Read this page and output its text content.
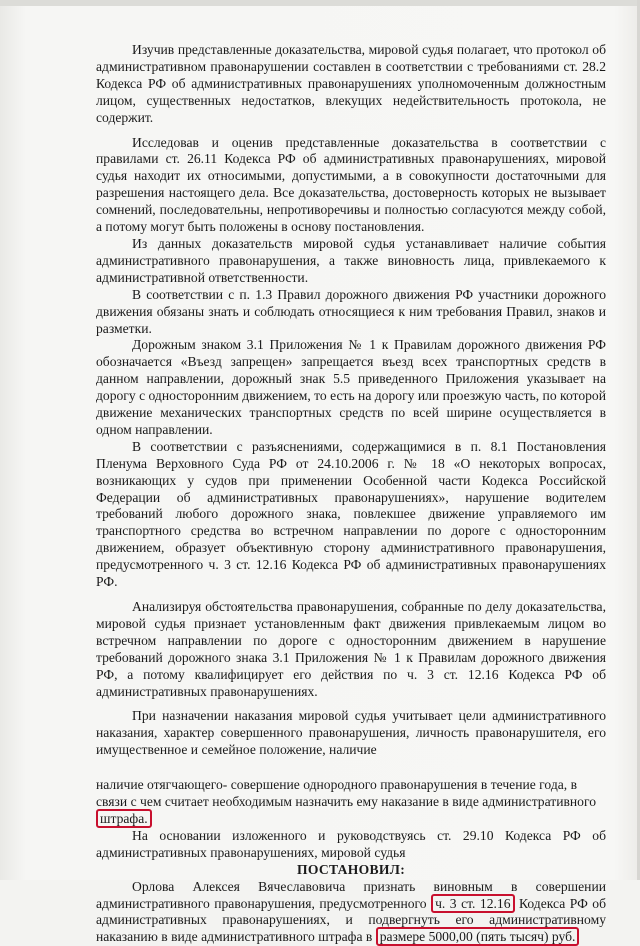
Изучив представленные доказательства, мировой судья полагает, что протокол об административном правонарушении составлен в соответствии с требованиями ст. 28.2 Кодекса РФ об административных правонарушениях уполномоченным должностным лицом, существенных недостатков, влекущих недействительность протокола, не содержит.

Исследовав и оценив представленные доказательства в соответствии с правилами ст. 26.11 Кодекса РФ об административных правонарушениях, мировой судья находит их относимыми, допустимыми, а в совокупности достаточными для разрешения настоящего дела. Все доказательства, достоверность которых не вызывает сомнений, последовательны, непротиворечивы и полностью согласуются между собой, а потому могут быть положены в основу постановления.

Из данных доказательств мировой судья устанавливает наличие события административного правонарушения, а также виновность лица, привлекаемого к административной ответственности.

В соответствии с п. 1.3 Правил дорожного движения РФ участники дорожного движения обязаны знать и соблюдать относящиеся к ним требования Правил, знаков и разметки.

Дорожным знаком 3.1 Приложения № 1 к Правилам дорожного движения РФ обозначается «Въезд запрещен» запрещается въезд всех транспортных средств в данном направлении, дорожный знак 5.5 приведенного Приложения указывает на дорогу с односторонним движением, то есть на дорогу или проезжую часть, по которой движение механических транспортных средств по всей ширине осуществляется в одном направлении.

В соответствии с разъяснениями, содержащимися в п. 8.1 Постановления Пленума Верховного Суда РФ от 24.10.2006 г. № 18 «О некоторых вопросах, возникающих у судов при применении Особенной части Кодекса Российской Федерации об административных правонарушениях», нарушение водителем требований любого дорожного знака, повлекшее движение управляемого им транспортного средства во встречном направлении по дороге с односторонним движением, образует объективную сторону административного правонарушения, предусмотренного ч. 3 ст. 12.16 Кодекса РФ об административных правонарушениях РФ.

Анализируя обстоятельства правонарушения, собранные по делу доказательства, мировой судья признает установленным факт движения привлекаемым лицом во встречном направлении по дороге с односторонним движением в нарушение требований дорожного знака 3.1 Приложения № 1 к Правилам дорожного движения РФ, а потому квалифицирует его действия по ч. 3 ст. 12.16 Кодекса РФ об административных правонарушениях.

При назначении наказания мировой судья учитывает цели административного наказания, характер совершенного правонарушения, личность правонарушителя, его имущественное и семейное положение, наличие

наличие отягчающего- совершение однородного правонарушения в течение года, в связи с чем считает необходимым назначить ему наказание в виде административного штрафа.

На основании изложенного и руководствуясь ст. 29.10 Кодекса РФ об административных правонарушениях, мировой судья

ПОСТАНОВИЛ:

Орлова Алексея Вячеславовича признать виновным в совершении административного правонарушения, предусмотренного ч. 3 ст. 12.16 Кодекса РФ об административных правонарушениях, и подвергнуть его административному наказанию в виде административного штрафа в размере 5000,00 (пять тысяч) руб.
